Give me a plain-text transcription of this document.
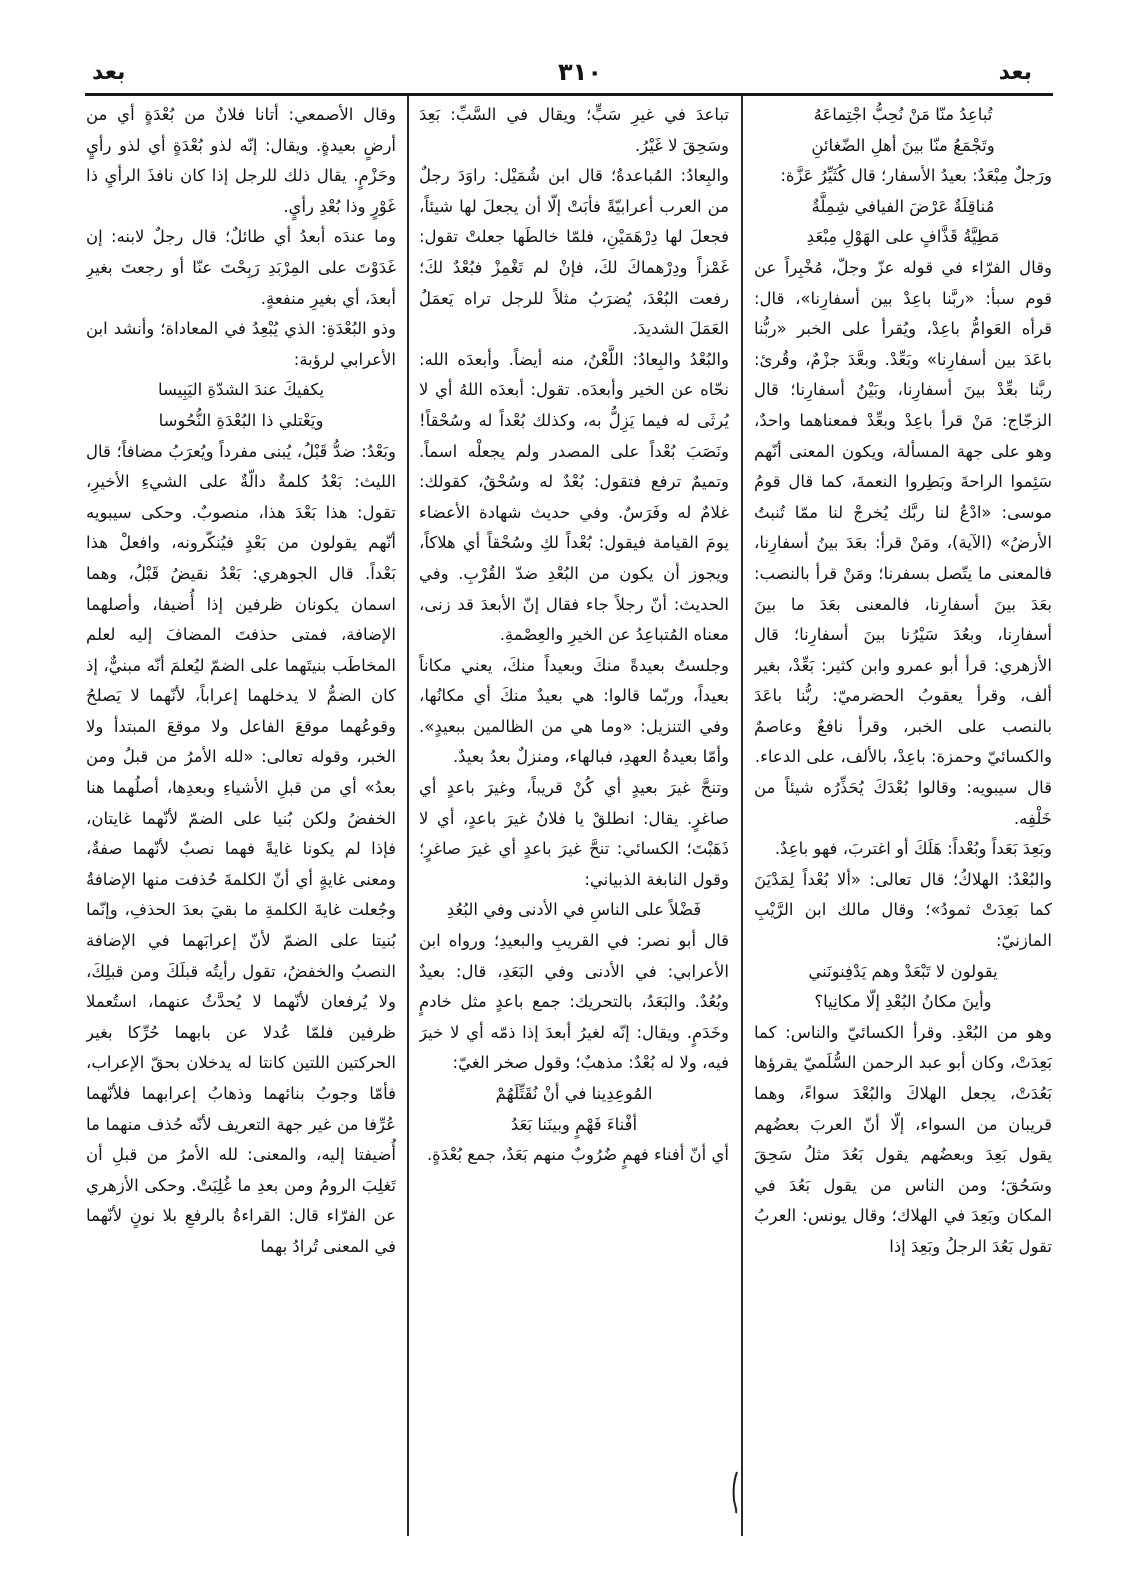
بعد
٣١٠
بعد

تُباعِدُ منّا مَنْ نُحِبُّ اجْتِماعَهُ

وتَجْمَعُ منّا بينَ أهلِ الضّغائنِ

ورَجلٌ مِبْعَدٌ: بعيدُ الأسفار؛ قال كُثَيِّرُ عَزَّة:

مُناقِلَةٌ عَرْضَ الفيافي شِمِلَّةٌ

مَطِيَّةُ قَذَّافٍ على الهَوْلِ مِبْعَدِ

وقال الفرّاء في قوله عزّ وجلّ، مُخْبِراً عن قوم سبأ: «ربَّنا باعِدْ بين أسفارِنا»، قال: قرأه العَوامُّ باعِدْ، ويُقرأ على الخبر «ربُّنا باعَدَ بين أسفارِنا» وبَعِّدْ. وبعَّدَ جزْمٌ، وقُرئ: ربَّنا بعِّدْ بينَ أسفارِنا، وبَيْنُ أسفارِنا؛ قال الزجّاج: مَنْ قرأ باعِدْ وبعِّدْ فمعناهما واحدٌ، وهو على جهة المسألة، ويكون المعنى أنّهم سَئِموا الراحةَ وبَطِروا النعمةَ، كما قال قومُ موسى: «ادْعُ لنا ربَّك يُخرجْ لنا ممّا تُنبتُ الأرضُ» (الآية)، ومَنْ قرأ: بعَدَ بينُ أسفارِنا، فالمعنى ما يتّصل بسفرنا؛ ومَنْ قرأ بالنصب: بعَدَ بينَ أسفارِنا، فالمعنى بعَدَ ما بينَ أسفارِنا، وبعُدَ سَيْرُنا بينَ أسفارِنا؛ قال الأزهري: قرأ أبو عمرو وابن كثير: بَعِّدْ، بغير ألف، وقرأ يعقوبُ الحضرميّ: ربُّنا باعَدَ بالنصب على الخبر، وقرأ نافعٌ وعاصمٌ والكسائيّ وحمزة: باعِدْ، بالألف، على الدعاء.

قال سيبويه: وقالوا بُعْدَكَ يُحَذِّرُه شيئاً من خَلْفِه.

وبَعِدَ بَعَداً وبُعْداً: هَلَكَ أو اغتربَ، فهو باعِدٌ.

والبُعْدُ: الهلاكُ؛ قال تعالى: «ألا بُعْداً لِمَدْيَنَ كما بَعِدَتْ ثمودُ»؛ وقال مالك ابن الرَّيْبِ المازنيّ:

يقولون لا تَبْعَدْ وهم يَدْفِنونَني

وأينَ مكانُ البُعْدِ إلّا مكانِيا؟

وهو من البُعْدِ. وقرأ الكسائيّ والناس: كما بَعِدَتْ، وكان أبو عبد الرحمن السُّلَميّ يقرؤها بَعُدَتْ، يجعل الهلاكَ والبُعْدَ سواءً، وهما قريبان من السواء، إلّا أنّ العربَ بعضُهم يقول بَعِدَ وبعضُهم يقول بَعُدَ مثلُ سَحِقَ وسَحُقَ؛ ومن الناس من يقول بَعُدَ في المكان وبَعِدَ في الهلاك؛ وقال يونس: العربُ تقول بَعُدَ الرجلُ وبَعِدَ إذا

تباعدَ في غيرِ سَبٍّ؛ ويقال في السَّبِّ: بَعِدَ وسَحِقَ لا غَيْرُ.

والبِعادُ: المُباعدةُ؛ قال ابن شُمَيْل: راوَدَ رجلٌ من العرب أعرابيّةً فأبَتْ إلّا أن يجعلَ لها شيئاً، فجعلَ لها دِرْهَمَيْنِ، فلمّا خالطَها جعلتْ تقول: غَمْزاً ودِرْهماكَ لكَ، فإنْ لم تَغْمِزْ فبُعْدٌ لكَ؛ رفعت البُعْدَ، يُضرَبُ مثلاً للرجل تراه يَعمَلُ العَمَلَ الشديدَ.

والبُعْدُ والبِعادُ: اللَّعْنُ، منه أيضاً. وأبعدَه الله: نحّاه عن الخير وأبعدَه. تقول: أبعدَه اللهُ أي لا يُرثَى له فيما يَزِلُّ به، وكذلك بُعْداً له وسُحْقاً! ونَصَبَ بُعْداً على المصدر ولم يجعلْه اسماً. وتميمٌ ترفع فتقول: بُعْدٌ له وسُحْقٌ، كقولك: غلامٌ له وفَرَسٌ. وفي حديث شهادة الأعضاء يومَ القيامة فيقول: بُعْداً لكِ وسُحْقاً أي هلاكاً، ويجوز أن يكون من البُعْدِ ضدّ القُرْبِ. وفي الحديث: أنّ رجلاً جاء فقال إنّ الأبعدَ قد زنى، معناه المُتباعِدُ عن الخيرِ والعِصْمةِ.

وجلستُ بعيدةً منكَ وبعيداً منكَ، يعني مكاناً بعيداً، وربّما قالوا: هي بعيدٌ منكَ أي مكانُها، وفي التنزيل: «وما هي من الظالمين ببعيدٍ». وأمّا بعيدةُ العهدِ، فبالهاء، ومنزلٌ بعدُ بعيدٌ.

وتنحَّ غيرَ بعيدٍ أي كُنْ قريباً، وغيرَ باعدٍ أي صاغرٍ. يقال: انطلقْ يا فلانُ غيرَ باعدٍ، أي لا ذَهَبْتَ؛ الكسائي: تنحَّ غيرَ باعدٍ أي غيرَ صاغرٍ؛ وقول النابغة الذبياني:

فَضْلاً على الناسِ في الأدنى وفي البُعُدِ

قال أبو نصر: في القريبِ والبعيدِ؛ ورواه ابن الأعرابي: في الأدنى وفي البَعَدِ، قال: بعيدٌ وبُعُدٌ. والبَعَدُ، بالتحريك: جمع باعدٍ مثل خادمٍ وخَدَمٍ. ويقال: إنّه لغيرُ أبعدَ إذا ذمّه أي لا خيرَ فيه، ولا له بُعْدٌ: مذهبٌ؛ وقول صخر الغيّ:

المُوعِدِينا في أنْ نُقَتِّلَهُمْ

أفْناءَ فَهْمٍ وبينَنا بَعَدُ

أي أنّ أفناء فهمٍ ضُرُوبٌ منهم بَعَدٌ، جمع بُعْدَةٍ.

وقال الأصمعي: أتانا فلانٌ من بُعْدَةٍ أي من أرضٍ بعيدةٍ. ويقال: إنّه لذو بُعْدَةٍ أي لذو رأيٍ وحَزْمٍ. يقال ذلك للرجل إذا كان نافذَ الرأيِ ذا غَوْرٍ وذا بُعْدِ رأيٍ.

وما عندَه أبعدُ أي طائلٌ؛ قال رجلٌ لابنه: إن غَدَوْتَ على المِرْبَدِ رَبِحْتَ عنّا أو رجعتَ بغيرِ أبعدَ، أي بغيرِ منفعةٍ.

وذو البُعْدَةِ: الذي يُبْعِدُ في المعاداة؛ وأنشد ابن الأعرابي لرؤبة:

يكفيكَ عندَ الشدّةِ اليَبِيسا

ويَعْتلي ذا البُعْدَةِ النُّحُوسا

وبَعْدُ: ضدُّ قَبْلُ، يُبنى مفرداً ويُعرَبُ مضافاً؛ قال الليث: بَعْدُ كلمةٌ دالّةٌ على الشيءِ الأخيرِ، تقول: هذا بَعْدَ هذا، منصوبٌ. وحكى سيبويه أنّهم يقولون من بَعْدٍ فيُنكّرونه، وافعلْ هذا بَعْداً. قال الجوهري: بَعْدُ نقيضُ قَبْلُ، وهما اسمان يكونان ظرفين إذا أُضيفا، وأصلهما الإضافة، فمتى حذفتَ المضافَ إليه لعلم المخاطَب بنيتَهما على الضمّ ليُعلمَ أنّه مبنيٌّ، إذ كان الضمُّ لا يدخلهما إعراباً، لأنّهما لا يَصلحُ وقوعُهما موقعَ الفاعل ولا موقعَ المبتدأ ولا الخبر، وقوله تعالى: «لله الأمرُ من قبلُ ومن بعدُ» أي من قبلِ الأشياءِ وبعدِها، أصلُهما هنا الخفضُ ولكن بُنيا على الضمّ لأنّهما غايتان، فإذا لم يكونا غايةً فهما نصبٌ لأنّهما صفةٌ، ومعنى غايةٍ أي أنّ الكلمةَ حُذفت منها الإضافةُ وجُعلت غايةَ الكلمةِ ما بقيَ بعدَ الحذفِ، وإنّما بُنيتا على الضمّ لأنّ إعرابَهما في الإضافة النصبُ والخفضُ، تقول رأيتُه قبلَكَ ومن قبلِكَ، ولا يُرفعان لأنّهما لا يُحدَّثُ عنهما، استُعملا ظرفين فلمّا عُدلا عن بابهما حُرِّكا بغير الحركتين اللتين كانتا له يدخلان بحقّ الإعراب، فأمّا وجوبُ بنائهما وذهابُ إعرابهما فلأنّهما عُرِّفا من غير جهة التعريف لأنّه حُذف منهما ما أُضيفتا إليه، والمعنى: لله الأمرُ من قبلِ أن تَغلِبَ الرومُ ومن بعدِ ما غُلِبَتْ. وحكى الأزهري عن الفرّاء قال: القراءةُ بالرفعِ بلا نونٍ لأنّهما في المعنى تُرادُ بهما
